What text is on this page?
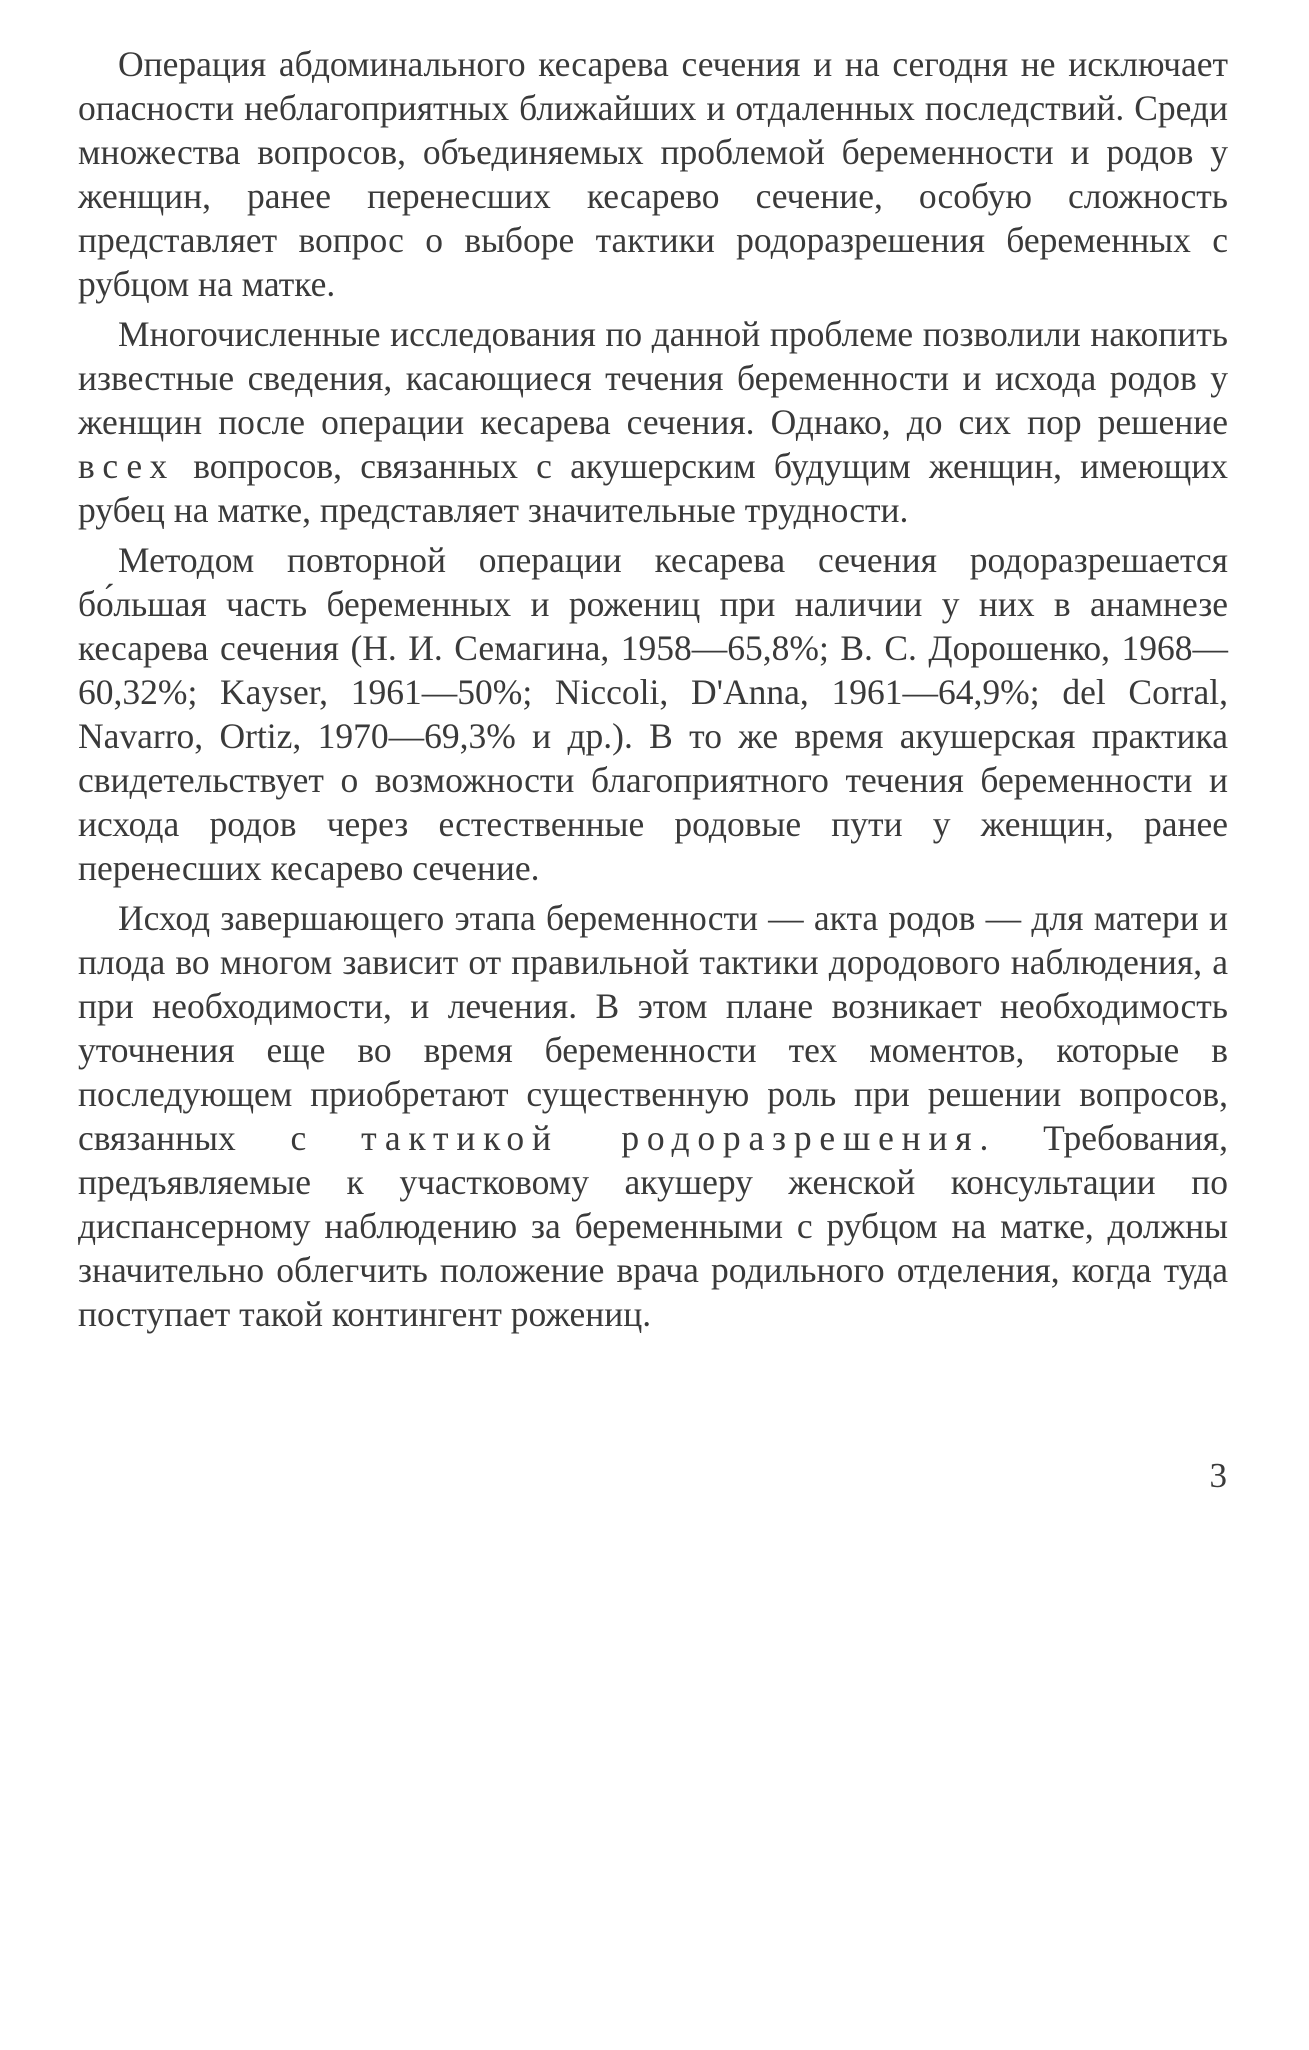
Операция абдоминального кесарева сечения и на сегодня не исключает опасности неблагоприятных ближайших и отдаленных последствий. Среди множества вопросов, объединяемых проблемой беременности и родов у женщин, ранее перенесших кесарево сечение, особую сложность представляет вопрос о выборе тактики родоразрешения беременных с рубцом на матке.

Многочисленные исследования по данной проблеме позволили накопить известные сведения, касающиеся течения беременности и исхода родов у женщин после операции кесарева сечения. Однако, до сих пор решение всех вопросов, связанных с акушерским будущим женщин, имеющих рубец на матке, представляет значительные трудности.

Методом повторной операции кесарева сечения родоразрешается бо́льшая часть беременных и рожениц при наличии у них в анамнезе кесарева сечения (Н. И. Семагина, 1958—65,8%; В. С. Дорошенко, 1968—60,32%; Kayser, 1961—50%; Niccoli, D'Anna, 1961—64,9%; del Corral, Navarro, Ortiz, 1970—69,3% и др.). В то же время акушерская практика свидетельствует о возможности благоприятного течения беременности и исхода родов через естественные родовые пути у женщин, ранее перенесших кесарево сечение.

Исход завершающего этапа беременности — акта родов — для матери и плода во многом зависит от правильной тактики дородового наблюдения, а при необходимости, и лечения. В этом плане возникает необходимость уточнения еще во время беременности тех моментов, которые в последующем приобретают существенную роль при решении вопросов, связанных с тактикой родоразрешения. Требования, предъявляемые к участковому акушеру женской консультации по диспансерному наблюдению за беременными с рубцом на матке, должны значительно облегчить положение врача родильного отделения, когда туда поступает такой контингент рожениц.

3
